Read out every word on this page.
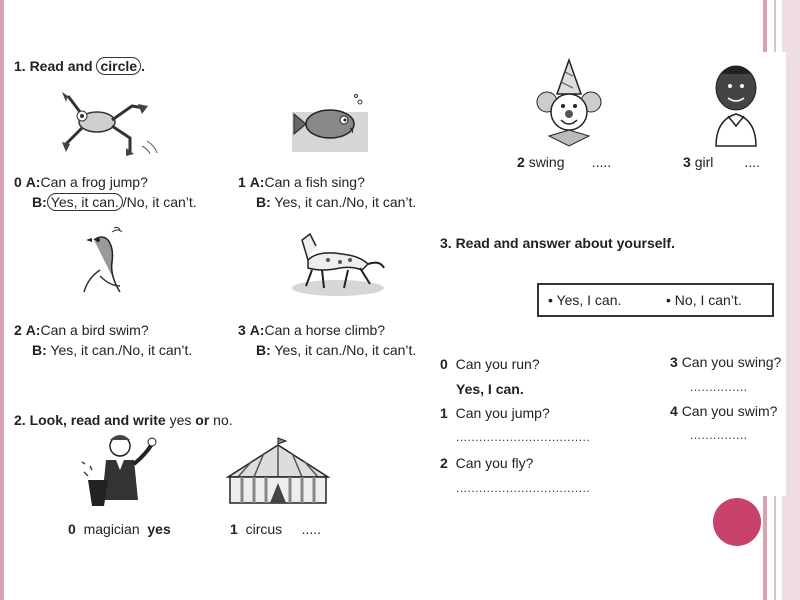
1. Read and circle .
0 A:Can a frog jump?
B: Yes, it can. /No, it can’t.
1 A:Can a fish sing?
B: Yes, it can./No, it can’t.
2 A:Can a bird swim?
B: Yes, it can./No, it can’t.
3 A:Can a horse climb?
B: Yes, it can./No, it can’t.
2. Look, read and write yes or no.
0 magician yes	1 circus .....
2 swing .....	3 girl ....
3. Read and answer about yourself.
• Yes, I can.	• No, I can’t.
0 Can you run?
Yes, I can.
1 Can you jump?
...................................
2 Can you fly?
...................................
3 Can you swing?
...............
4 Can you swim?
...............
